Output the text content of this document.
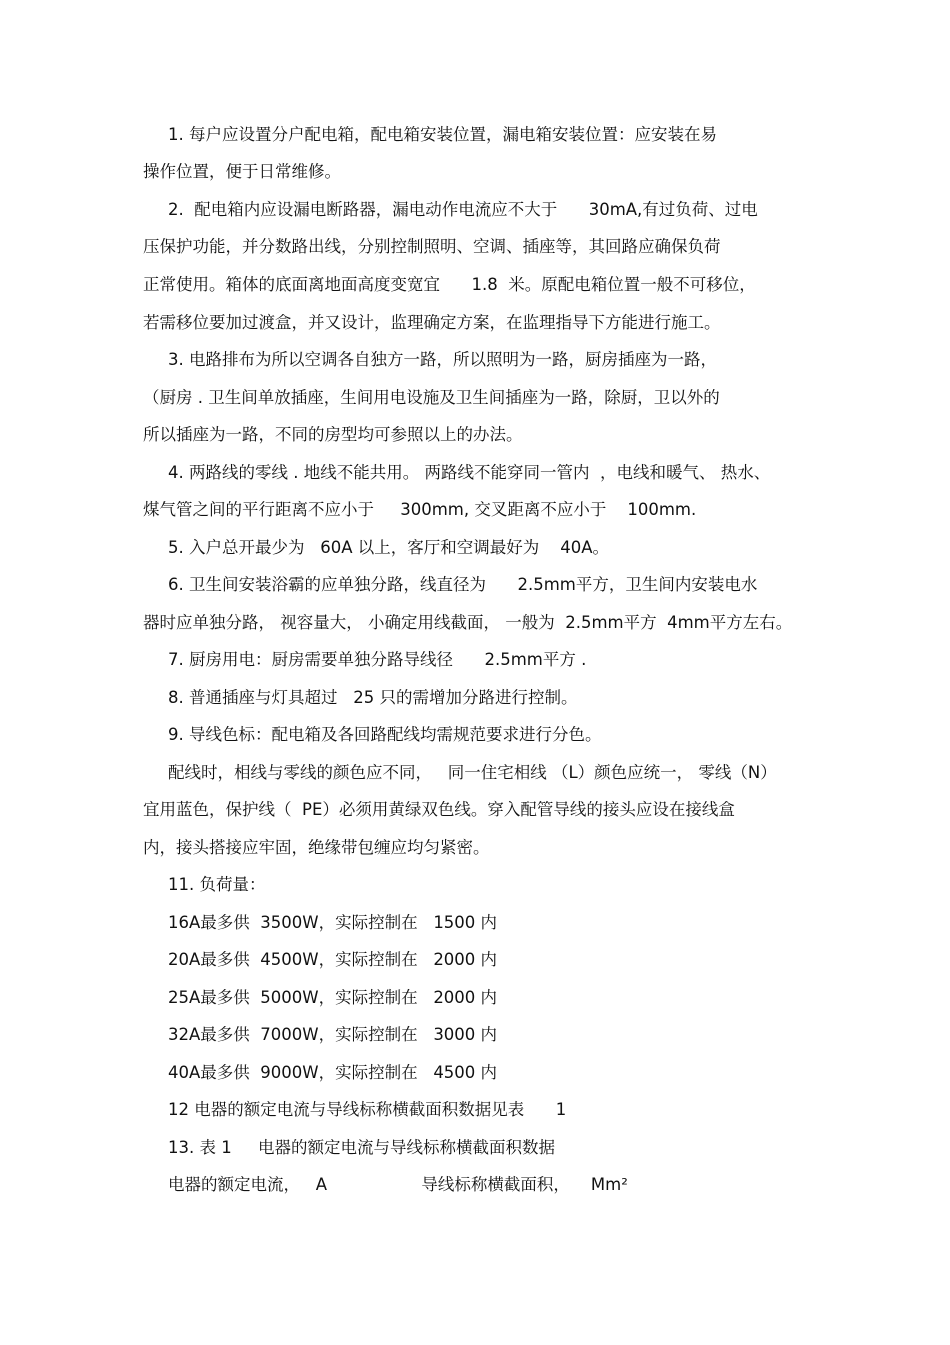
1. 每户应设置分户配电箱，配电箱安装位置，漏电箱安装位置：应安装在易
操作位置，便于日常维修。
2.  配电箱内应设漏电断路器，漏电动作电流应不大于      30mA,有过负荷、过电
压保护功能，并分数路出线，分别控制照明、空调、插座等，其回路应确保负荷
正常使用。箱体的底面离地面高度变宽宜      1.8  米。原配电箱位置一般不可移位，
若需移位要加过渡盒，并又设计，监理确定方案，在监理指导下方能进行施工。
3. 电路排布为所以空调各自独方一路，所以照明为一路，厨房插座为一路，
（厨房 . 卫生间单放插座，生间用电设施及卫生间插座为一路，除厨，卫以外的
所以插座为一路，不同的房型均可参照以上的办法。
4. 两路线的零线 . 地线不能共用。 两路线不能穿同一管内  ，电线和暖气、 热水、
煤气管之间的平行距离不应小于     300mm, 交叉距离不应小于    100mm.
5. 入户总开最少为   60A 以上，客厅和空调最好为    40A。
6. 卫生间安装浴霸的应单独分路，线直径为      2.5mm平方，卫生间内安装电水
器时应单独分路， 视容量大， 小确定用线截面， 一般为  2.5mm平方  4mm平方左右。
7. 厨房用电：厨房需要单独分路导线径      2.5mm平方 .
8. 普通插座与灯具超过   25 只的需增加分路进行控制。
9. 导线色标：配电箱及各回路配线均需规范要求进行分色。
配线时，相线与零线的颜色应不同，   同一住宅相线 （L）颜色应统一， 零线（N）
宜用蓝色，保护线（  PE）必须用黄绿双色线。穿入配管导线的接头应设在接线盒
内，接头搭接应牢固，绝缘带包缠应均匀紧密。
11. 负荷量：
16A最多供  3500W，实际控制在   1500 内
20A最多供  4500W，实际控制在   2000 内
25A最多供  5000W，实际控制在   2000 内
32A最多供  7000W，实际控制在   3000 内
40A最多供  9000W，实际控制在   4500 内
12 电器的额定电流与导线标称横截面积数据见表      1
13. 表 1     电器的额定电流与导线标称横截面积数据
电器的额定电流，   A                  导线标称横截面积，    Mm²
